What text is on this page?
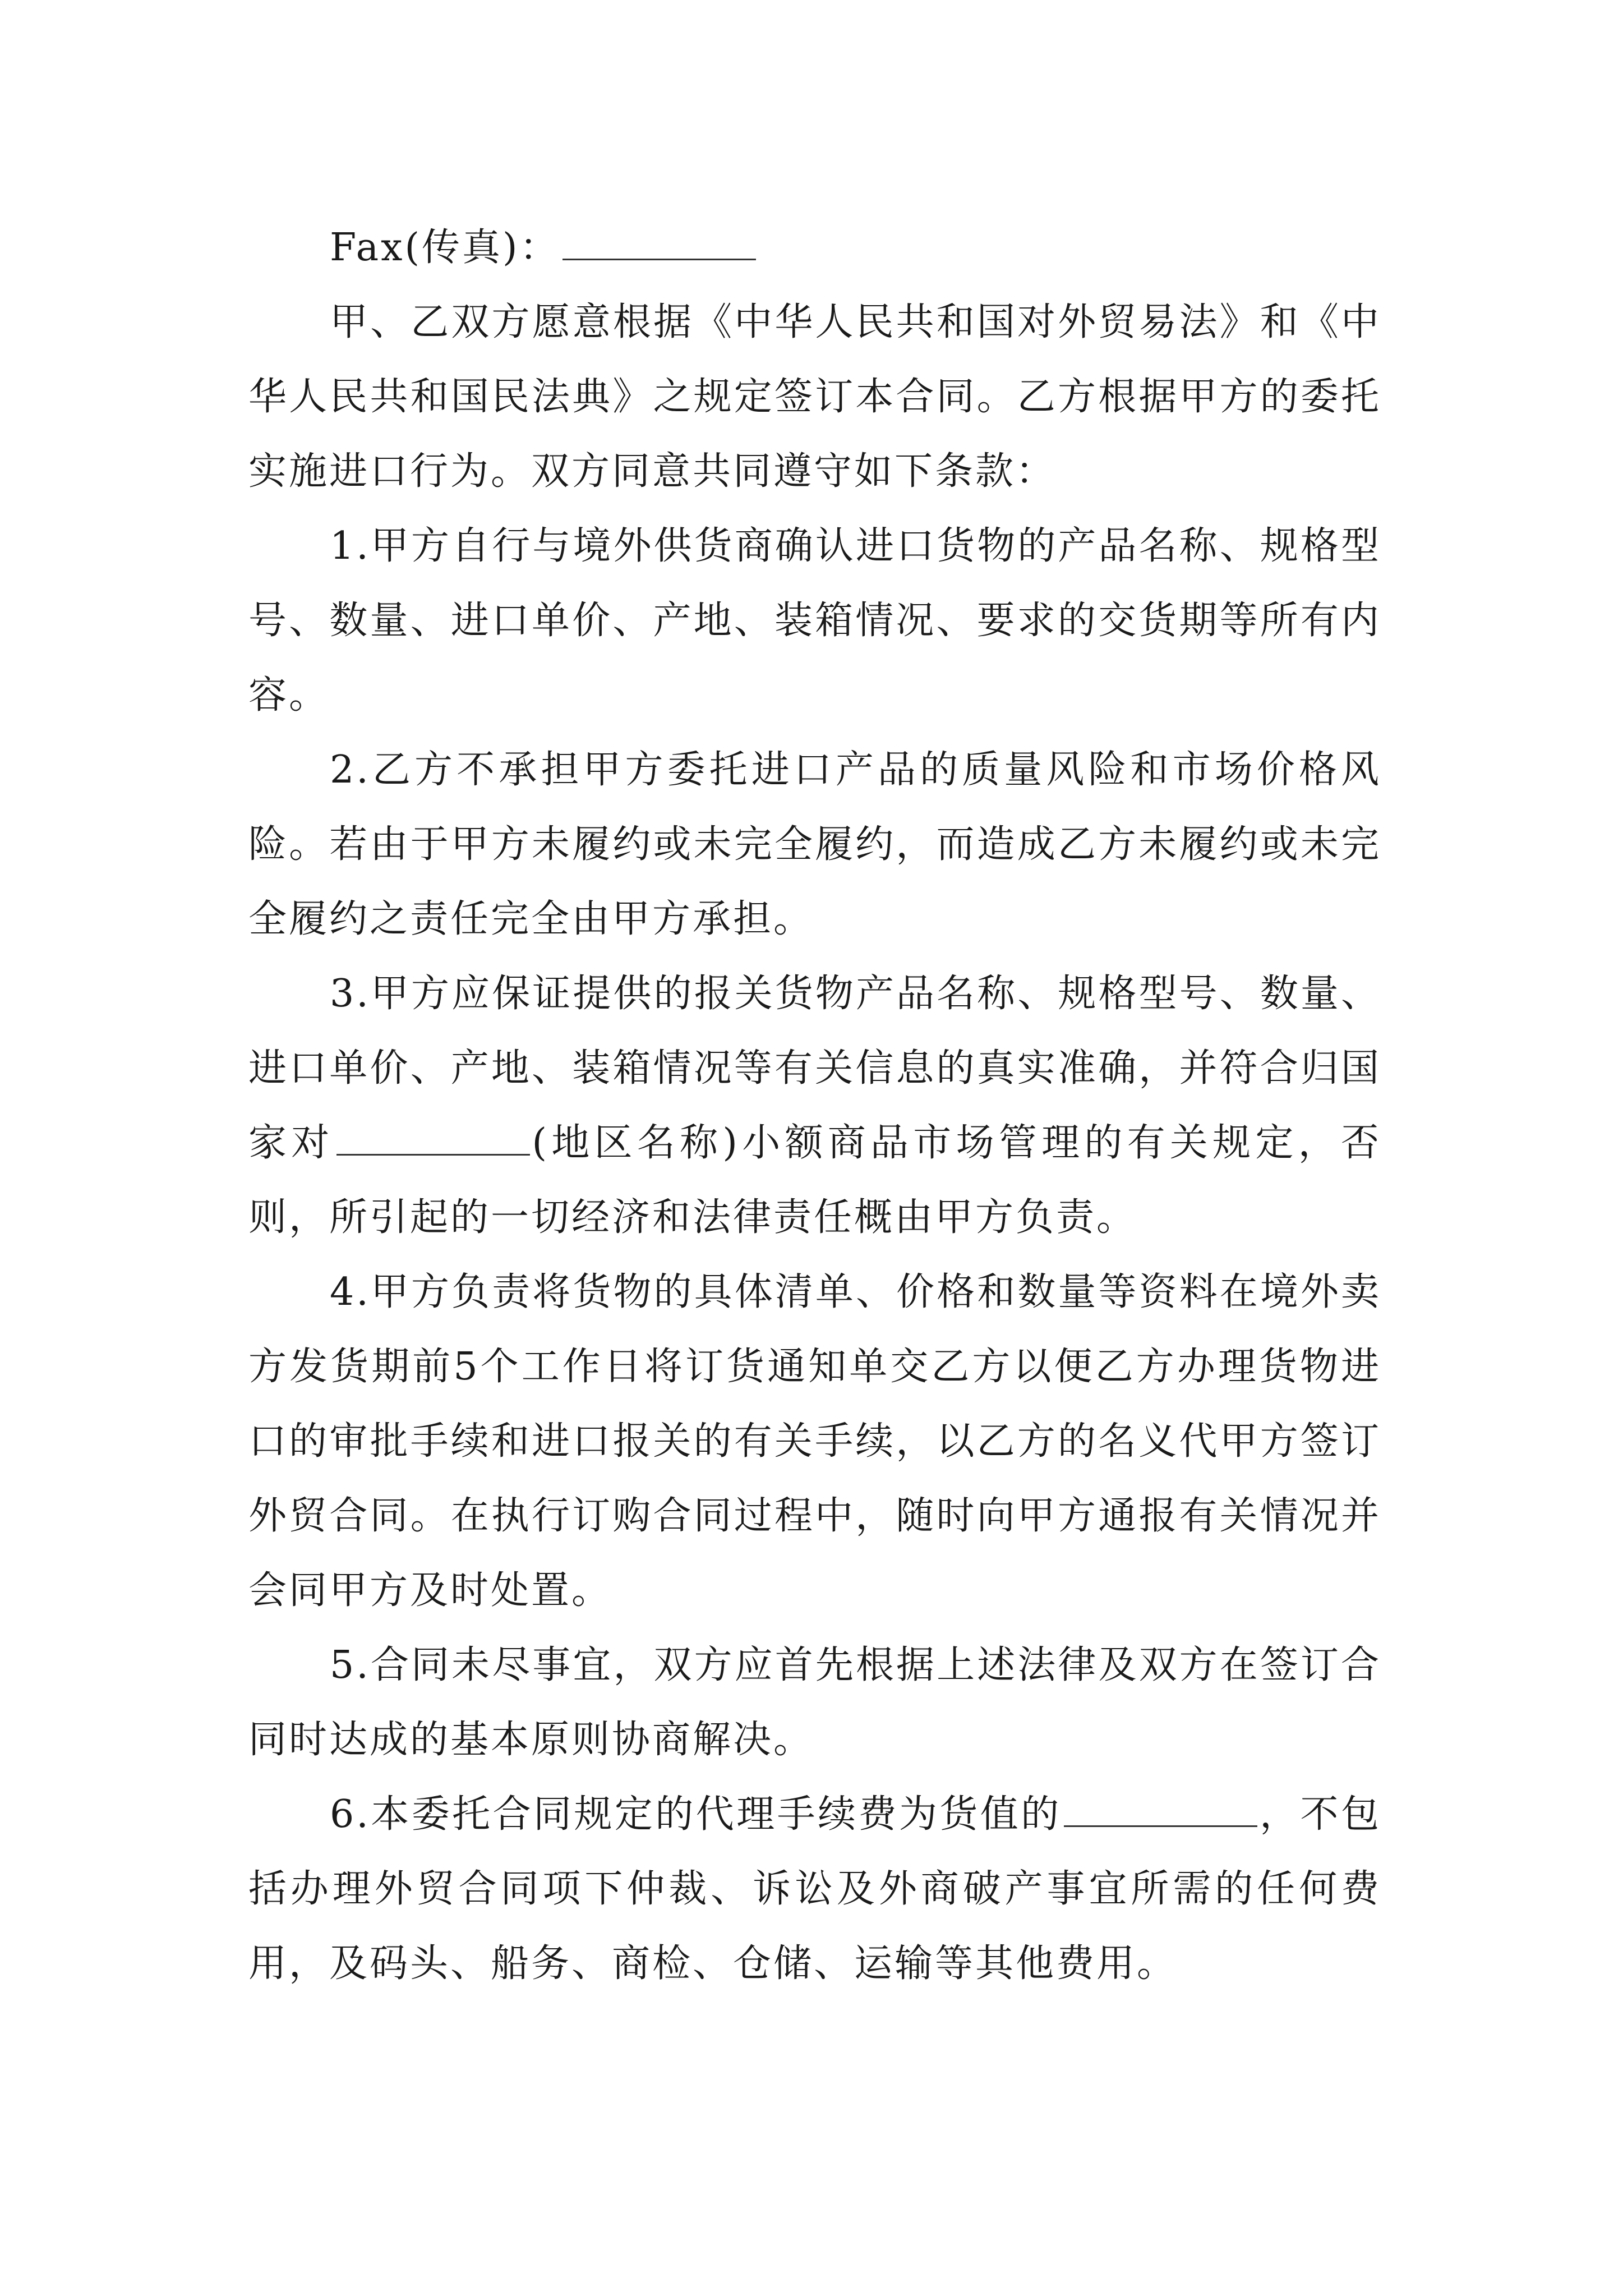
Fax(传真)：

甲、乙双方愿意根据《中华人民共和国对外贸易法》和《中华人民共和国民法典》之规定签订本合同。乙方根据甲方的委托实施进口行为。双方同意共同遵守如下条款：

1.甲方自行与境外供货商确认进口货物的产品名称、规格型号、数量、进口单价、产地、装箱情况、要求的交货期等所有内容。

2.乙方不承担甲方委托进口产品的质量风险和市场价格风险。若由于甲方未履约或未完全履约，而造成乙方未履约或未完全履约之责任完全由甲方承担。

3.甲方应保证提供的报关货物产品名称、规格型号、数量、进口单价、产地、装箱情况等有关信息的真实准确，并符合归国家对	(地区名称)小额商品市场管理的有关规定，否则，所引起的一切经济和法律责任概由甲方负责。

4.甲方负责将货物的具体清单、价格和数量等资料在境外卖方发货期前5个工作日将订货通知单交乙方以便乙方办理货物进口的审批手续和进口报关的有关手续，以乙方的名义代甲方签订外贸合同。在执行订购合同过程中，随时向甲方通报有关情况并会同甲方及时处置。

5.合同未尽事宜，双方应首先根据上述法律及双方在签订合同时达成的基本原则协商解决。

6.本委托合同规定的代理手续费为货值的	，不包括办理外贸合同项下仲裁、诉讼及外商破产事宜所需的任何费用，及码头、船务、商检、仓储、运输等其他费用。
